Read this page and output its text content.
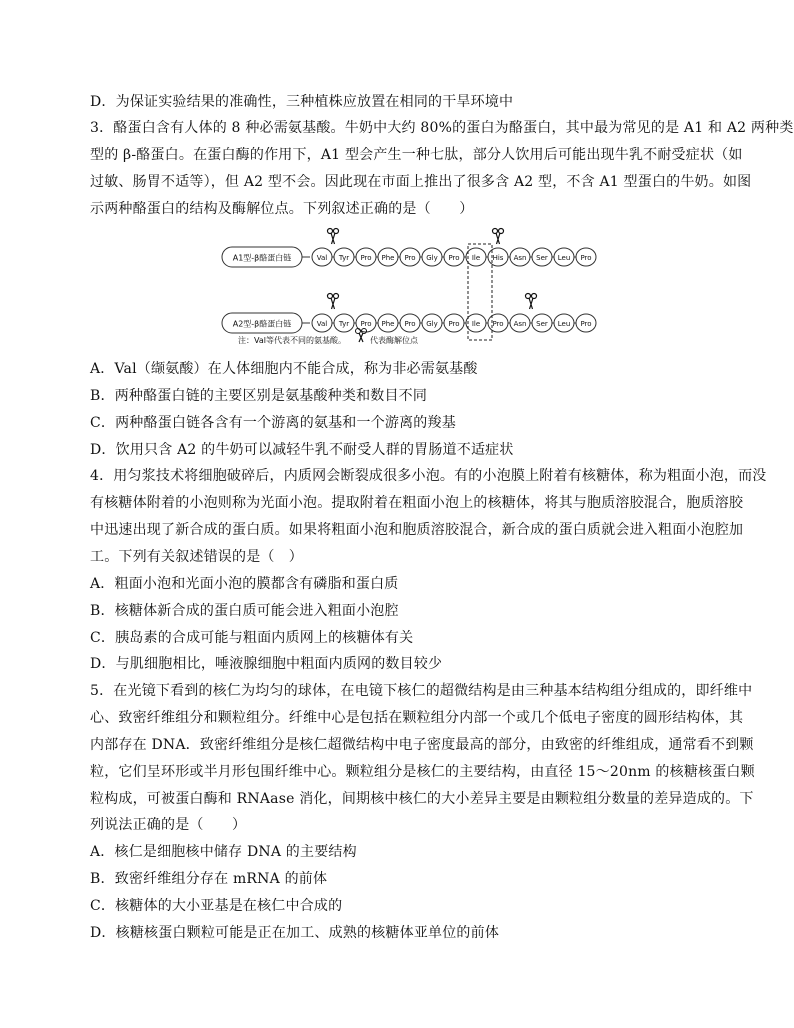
D．为保证实验结果的准确性，三种植株应放置在相同的干旱环境中
3．酪蛋白含有人体的 8 种必需氨基酸。牛奶中大约 80%的蛋白为酪蛋白，其中最为常见的是 A1 和 A2 两种类
型的 β-酪蛋白。在蛋白酶的作用下，A1 型会产生一种七肽，部分人饮用后可能出现牛乳不耐受症状（如
过敏、肠胃不适等），但 A2 型不会。因此现在市面上推出了很多含 A2 型，不含 A1 型蛋白的牛奶。如图
示两种酪蛋白的结构及酶解位点。下列叙述正确的是（　　）
A1型-β酪蛋白链	Val Tyr Pro Phe Pro Gly Pro Ile His Asn Ser Leu Pro
A2型-β酪蛋白链	Val Tyr Pro Phe Pro Gly Pro Ile Pro Asn Ser Leu Pro
注：Val等代表不同的氨基酸。	代表酶解位点
A．Val（缬氨酸）在人体细胞内不能合成，称为非必需氨基酸
B．两种酪蛋白链的主要区别是氨基酸种类和数目不同
C．两种酪蛋白链各含有一个游离的氨基和一个游离的羧基
D．饮用只含 A2 的牛奶可以减轻牛乳不耐受人群的胃肠道不适症状
4．用匀浆技术将细胞破碎后，内质网会断裂成很多小泡。有的小泡膜上附着有核糖体，称为粗面小泡，而没
有核糖体附着的小泡则称为光面小泡。提取附着在粗面小泡上的核糖体，将其与胞质溶胶混合，胞质溶胶
中迅速出现了新合成的蛋白质。如果将粗面小泡和胞质溶胶混合，新合成的蛋白质就会进入粗面小泡腔加
工。下列有关叙述错误的是（　）
A．粗面小泡和光面小泡的膜都含有磷脂和蛋白质
B．核糖体新合成的蛋白质可能会进入粗面小泡腔
C．胰岛素的合成可能与粗面内质网上的核糖体有关
D．与肌细胞相比，唾液腺细胞中粗面内质网的数目较少
5．在光镜下看到的核仁为均匀的球体，在电镜下核仁的超微结构是由三种基本结构组分组成的，即纤维中
心、致密纤维组分和颗粒组分。纤维中心是包括在颗粒组分内部一个或几个低电子密度的圆形结构体，其
内部存在 DNA．致密纤维组分是核仁超微结构中电子密度最高的部分，由致密的纤维组成，通常看不到颗
粒，它们呈环形或半月形包围纤维中心。颗粒组分是核仁的主要结构，由直径 15～20nm 的核糖核蛋白颗
粒构成，可被蛋白酶和 RNAase 消化，间期核中核仁的大小差异主要是由颗粒组分数量的差异造成的。下
列说法正确的是（　　）
A．核仁是细胞核中储存 DNA 的主要结构
B．致密纤维组分存在 mRNA 的前体
C．核糖体的大小亚基是在核仁中合成的
D．核糖核蛋白颗粒可能是正在加工、成熟的核糖体亚单位的前体
